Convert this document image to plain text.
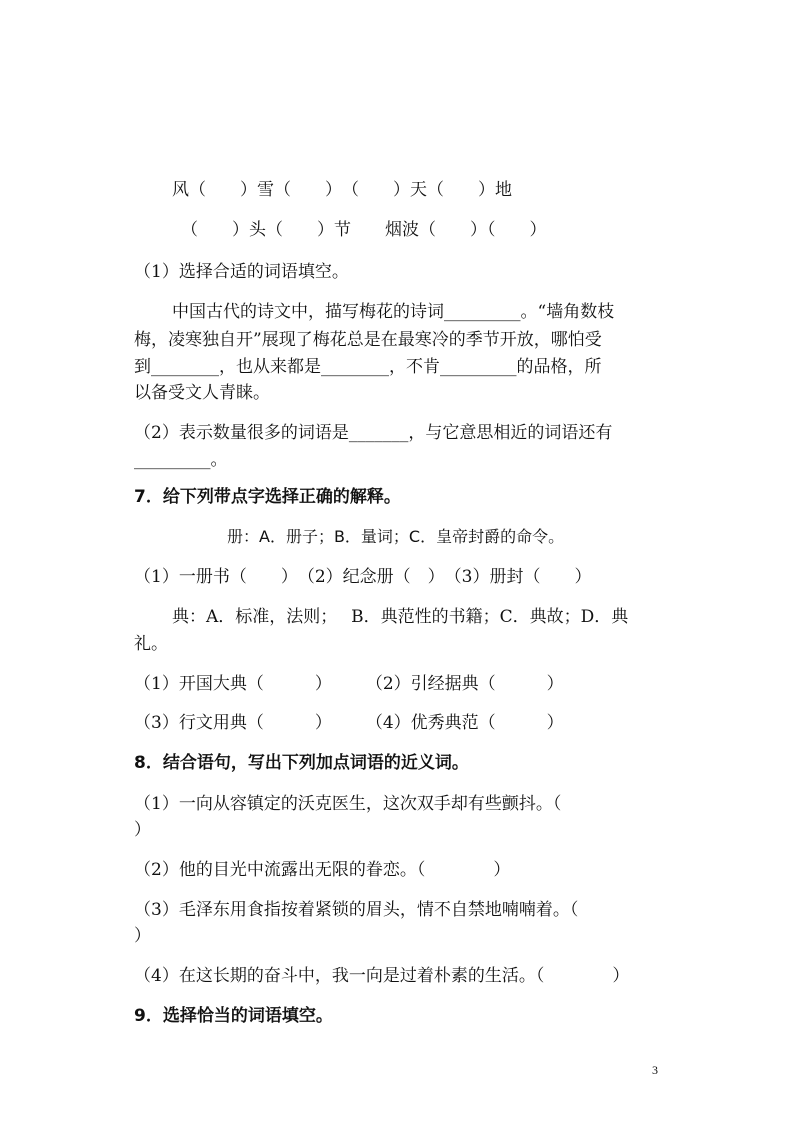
风（　　）雪（　　）　（　　）天（　　）地
（　　）头（　　）节　　烟波（　　）（　　）
（1）选择合适的词语填空。
中国古代的诗文中，描写梅花的诗词_________。“墙角数枝
梅，凌寒独自开”展现了梅花总是在最寒冷的季节开放，哪怕受
到________，也从来都是________，不肯_________的品格，所
以备受文人青睐。
（2）表示数量很多的词语是_______，与它意思相近的词语还有
_________。
7．给下列带点字选择正确的解释。
册：A．册子；B．量词；C．皇帝封爵的命令。
（1）一册书（　　）　（2）纪念册（　）　（3）册封（　　）
典：A．标准，法则；　 B．典范性的书籍；C．典故；D．典
礼。
（1）开国大典（　　　）　　　（2）引经据典（　　　）
（3）行文用典（　　　）　　　（4）优秀典范（　　　）
8．结合语句，写出下列加点词语的近义词。
（1）一向从容镇定的沃克医生，这次双手却有些颤抖。（
）
（2）他的目光中流露出无限的眷恋。（　　　　）
（3）毛泽东用食指按着紧锁的眉头，情不自禁地喃喃着。（
）
（4）在这长期的奋斗中，我一向是过着朴素的生活。（　　　　）
9．选择恰当的词语填空。
3
